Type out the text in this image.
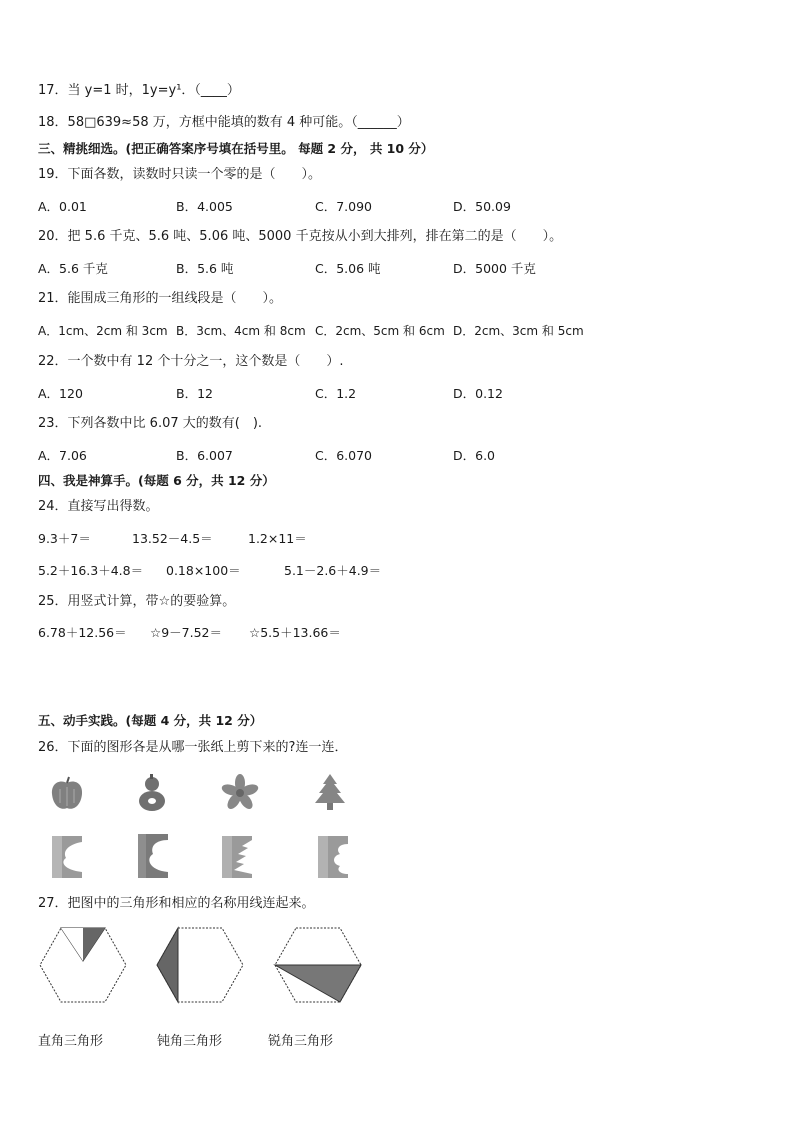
17．当 y=1 时，1y=y¹．（____）
18．58□639≈58 万，方框中能填的数有 4 种可能。（______）
三、精挑细选。(把正确答案序号填在括号里。 每题 2 分， 共 10 分）
19．下面各数，读数时只读一个零的是（　　）。
A．0.01	B．4.005	C．7.090	D．50.09
20．把 5.6 千克、5.6 吨、5.06 吨、5000 千克按从小到大排列，排在第二的是（　　）。
A．5.6 千克	B．5.6 吨	C．5.06 吨	D．5000 千克
21．能围成三角形的一组线段是（　　）。
A．1cm、2cm 和 3cm B．3cm、4cm 和 8cm C．2cm、5cm 和 6cm D．2cm、3cm 和 5cm
22．一个数中有 12 个十分之一，这个数是（　　）.
A．120	B．12	C．1.2	D．0.12
23．下列各数中比 6.07 大的数有(　).
A．7.06	B．6.007	C．6.070	D．6.0
四、我是神算手。(每题 6 分，共 12 分）
24．直接写出得数。
9.3＋7＝	13.52－4.5＝	1.2×11＝
5.2＋16.3＋4.8＝ 0.18×100＝	5.1－2.6＋4.9＝
25．用竖式计算，带☆的要验算。
6.78＋12.56＝ ☆9－7.52＝ ☆5.5＋13.66＝
五、动手实践。(每题 4 分，共 12 分）
26．下面的图形各是从哪一张纸上剪下来的?连一连．
27．把图中的三角形和相应的名称用线连起来。
直角三角形	钝角三角形	锐角三角形
